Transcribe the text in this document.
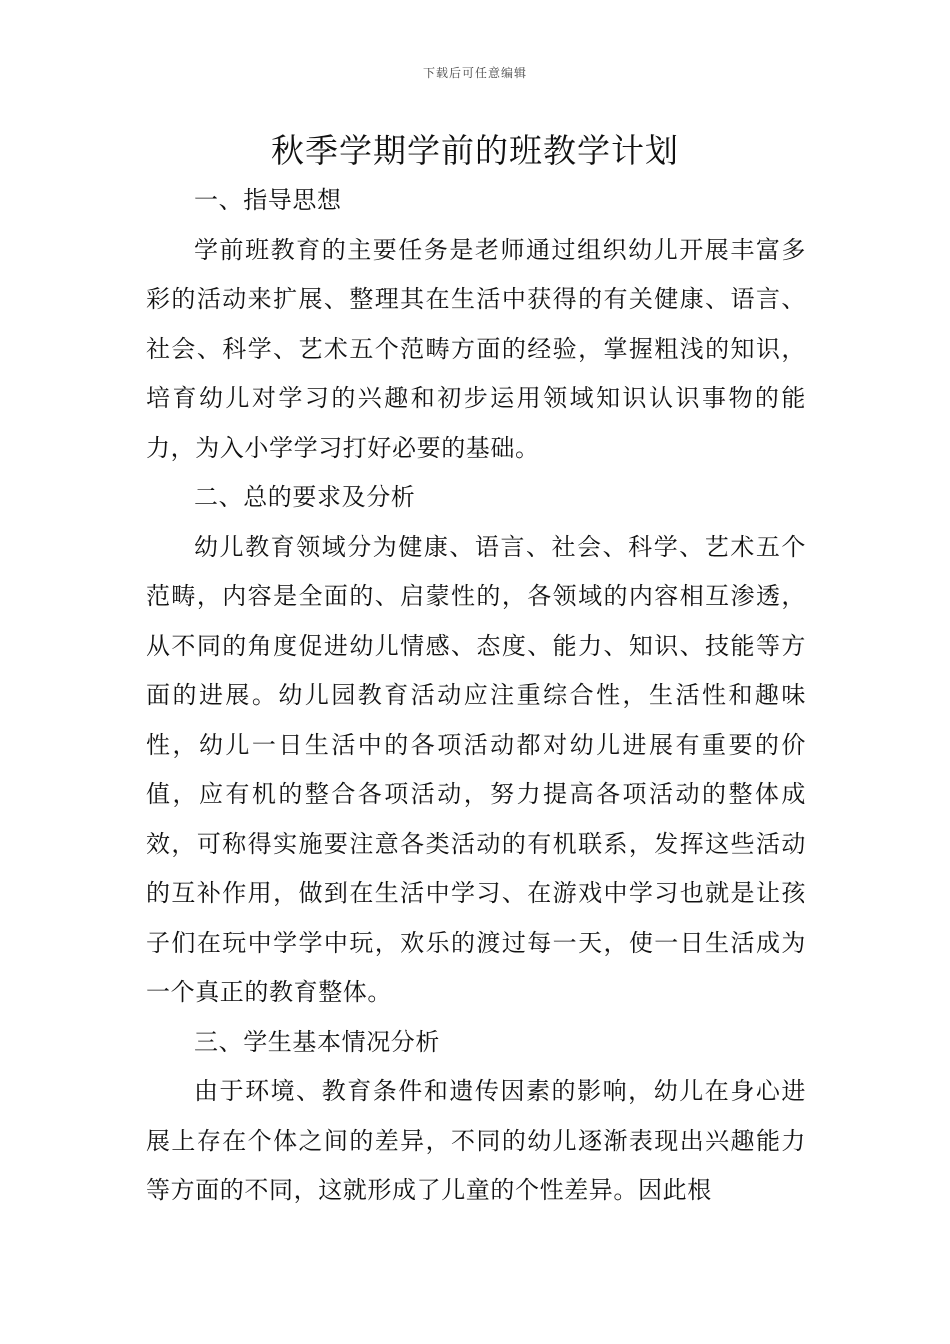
下载后可任意编辑
秋季学期学前的班教学计划

一、指导思想

学前班教育的主要任务是老师通过组织幼儿开展丰富多彩的活动来扩展、整理其在生活中获得的有关健康、语言、社会、科学、艺术五个范畴方面的经验，掌握粗浅的知识，培育幼儿对学习的兴趣和初步运用领域知识认识事物的能力，为入小学学习打好必要的基础。

二、总的要求及分析

幼儿教育领域分为健康、语言、社会、科学、艺术五个范畴，内容是全面的、启蒙性的，各领域的内容相互渗透，从不同的角度促进幼儿情感、态度、能力、知识、技能等方面的进展。幼儿园教育活动应注重综合性，生活性和趣味性，幼儿一日生活中的各项活动都对幼儿进展有重要的价值，应有机的整合各项活动，努力提高各项活动的整体成效，可称得实施要注意各类活动的有机联系，发挥这些活动的互补作用，做到在生活中学习、在游戏中学习也就是让孩子们在玩中学学中玩，欢乐的渡过每一天，使一日生活成为一个真正的教育整体。

三、学生基本情况分析

由于环境、教育条件和遗传因素的影响，幼儿在身心进展上存在个体之间的差异，不同的幼儿逐渐表现出兴趣能力等方面的不同，这就形成了儿童的个性差异。因此根
